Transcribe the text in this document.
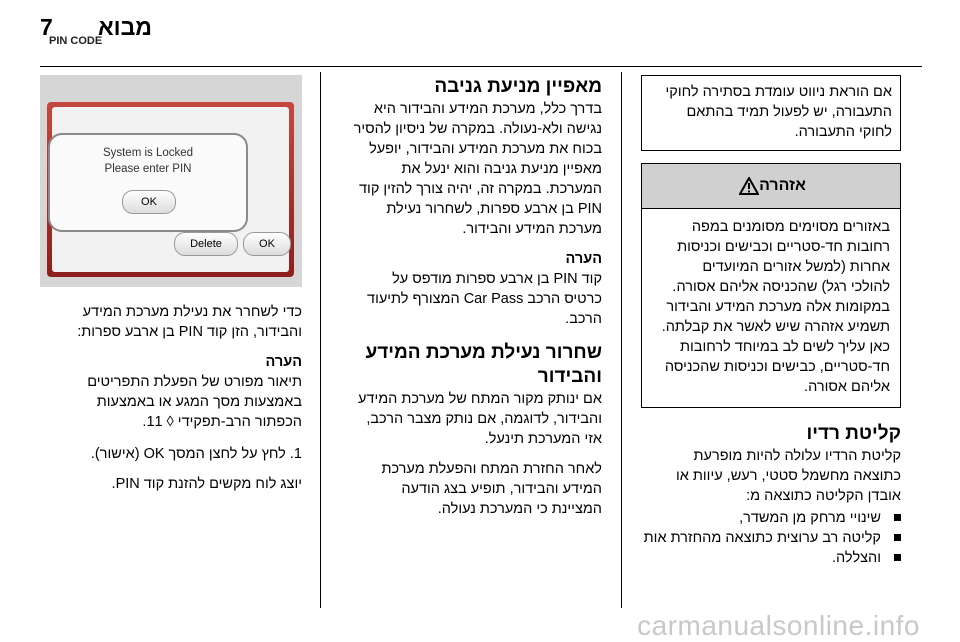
7 מבוא

אם הוראת ניווט עומדת בסתירה לחוקי

התעבורה, יש לפעול תמיד בהתאם

לחוקי התעבורה.

אזהרה

באזורים מסוימים מסומנים במפה

רחובות חד-סטריים וכבישים וכניסות

אחרות (למשל אזורים המיועדים

להולכי רגל) שהכניסה אליהם אסורה.

במקומות אלה מערכת המידע והבידור

תשמיע אזהרה שיש לאשר את קבלתה.

כאן עליך לשים לב במיוחד לרחובות

חד-סטריים, כבישים וכניסות שהכניסה

אליהם אסורה.

קליטת רדיו

קליטת הרדיו עלולה להיות מופרעת

כתוצאה מחשמל סטטי, רעש, עיוות או

אובדן הקליטה כתוצאה מ:

שינויי מרחק מן המשדר,
קליטה רב ערוצית כתוצאה מהחזרת אות
והצללה.
מאפיין מניעת גניבה

בדרך כלל, מערכת המידע והבידור היא

נגישה ולא-נעולה. במקרה של ניסיון להסיר

בכוח את מערכת המידע והבידור, יופעל

מאפיין מניעת גניבה והוא ינעל את

המערכת. במקרה זה, יהיה צורך להזין קוד

PIN בן ארבע ספרות, לשחרור נעילת

מערכת המידע והבידור.

הערה

קוד PIN בן ארבע ספרות מודפס על

כרטיס הרכב Car Pass המצורף לתיעוד

הרכב.

שחרור נעילת מערכת המידע
והבידור

אם ינותק מקור המתח של מערכת המידע

והבידור, לדוגמה, אם נותק מצבר הרכב,

אזי המערכת תינעל.

לאחר החזרת המתח והפעלת מערכת

המידע והבידור, תופיע בצג הודעה

המציינת כי המערכת נעולה.

PIN CODE
System is Locked
Please enter PIN
OK
Delete	OK

כדי לשחרר את נעילת מערכת המידע

והבידור, הזן קוד PIN בן ארבע ספרות:

הערה

תיאור מפורט של הפעלת התפריטים

באמצעות מסך המגע או באמצעות

הכפתור הרב-תפקידי ◊ 11.

1. לחץ על לחצן המסך OK (אישור).

יוצג לוח מקשים להזנת קוד PIN.

carmanualsonline.info
